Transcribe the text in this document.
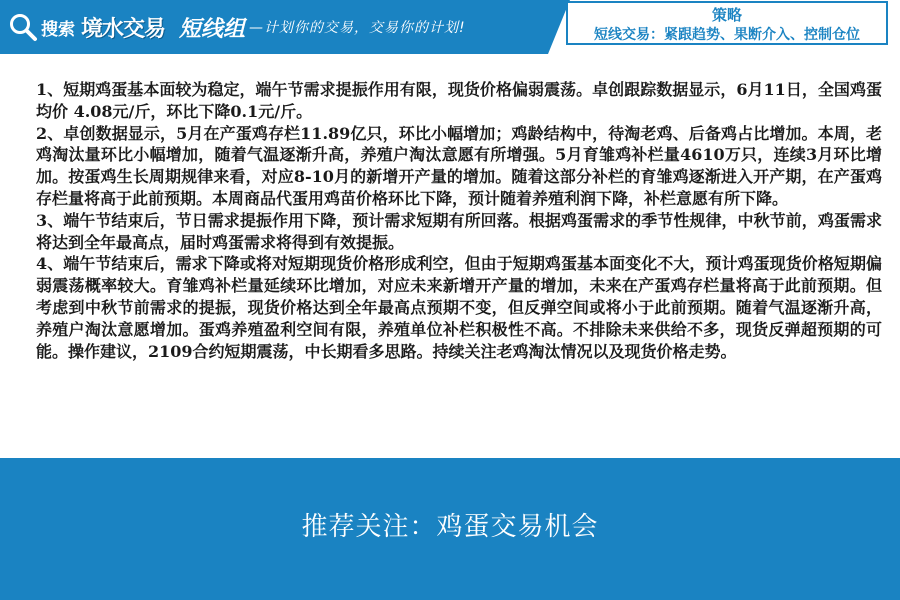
搜索 境水交易 短线组 —计划你的交易，交易你的计划!
策略
短线交易：紧跟趋势、果断介入、控制仓位

1、短期鸡蛋基本面较为稳定，端午节需求提振作用有限，现货价格偏弱震荡。卓创跟踪数据显示，6月11日，全国鸡蛋均价 4.08元/斤，环比下降0.1元/斤。

2、卓创数据显示，5月在产蛋鸡存栏11.89亿只，环比小幅增加；鸡龄结构中，待淘老鸡、后备鸡占比增加。本周，老鸡淘汰量环比小幅增加，随着气温逐渐升高，养殖户淘汰意愿有所增强。5月育雏鸡补栏量4610万只，连续3月环比增加。按蛋鸡生长周期规律来看，对应8-10月的新增开产量的增加。随着这部分补栏的育雏鸡逐渐进入开产期，在产蛋鸡存栏量将高于此前预期。本周商品代蛋用鸡苗价格环比下降，预计随着养殖利润下降，补栏意愿有所下降。

3、端午节结束后，节日需求提振作用下降，预计需求短期有所回落。根据鸡蛋需求的季节性规律，中秋节前，鸡蛋需求将达到全年最高点，届时鸡蛋需求将得到有效提振。

4、端午节结束后，需求下降或将对短期现货价格形成利空，但由于短期鸡蛋基本面变化不大，预计鸡蛋现货价格短期偏弱震荡概率较大。育雏鸡补栏量延续环比增加，对应未来新增开产量的增加，未来在产蛋鸡存栏量将高于此前预期。但考虑到中秋节前需求的提振，现货价格达到全年最高点预期不变，但反弹空间或将小于此前预期。随着气温逐渐升高，养殖户淘汰意愿增加。蛋鸡养殖盈利空间有限，养殖单位补栏积极性不高。不排除未来供给不多，现货反弹超预期的可能。操作建议，2109合约短期震荡，中长期看多思路。持续关注老鸡淘汰情况以及现货价格走势。

推荐关注：鸡蛋交易机会
